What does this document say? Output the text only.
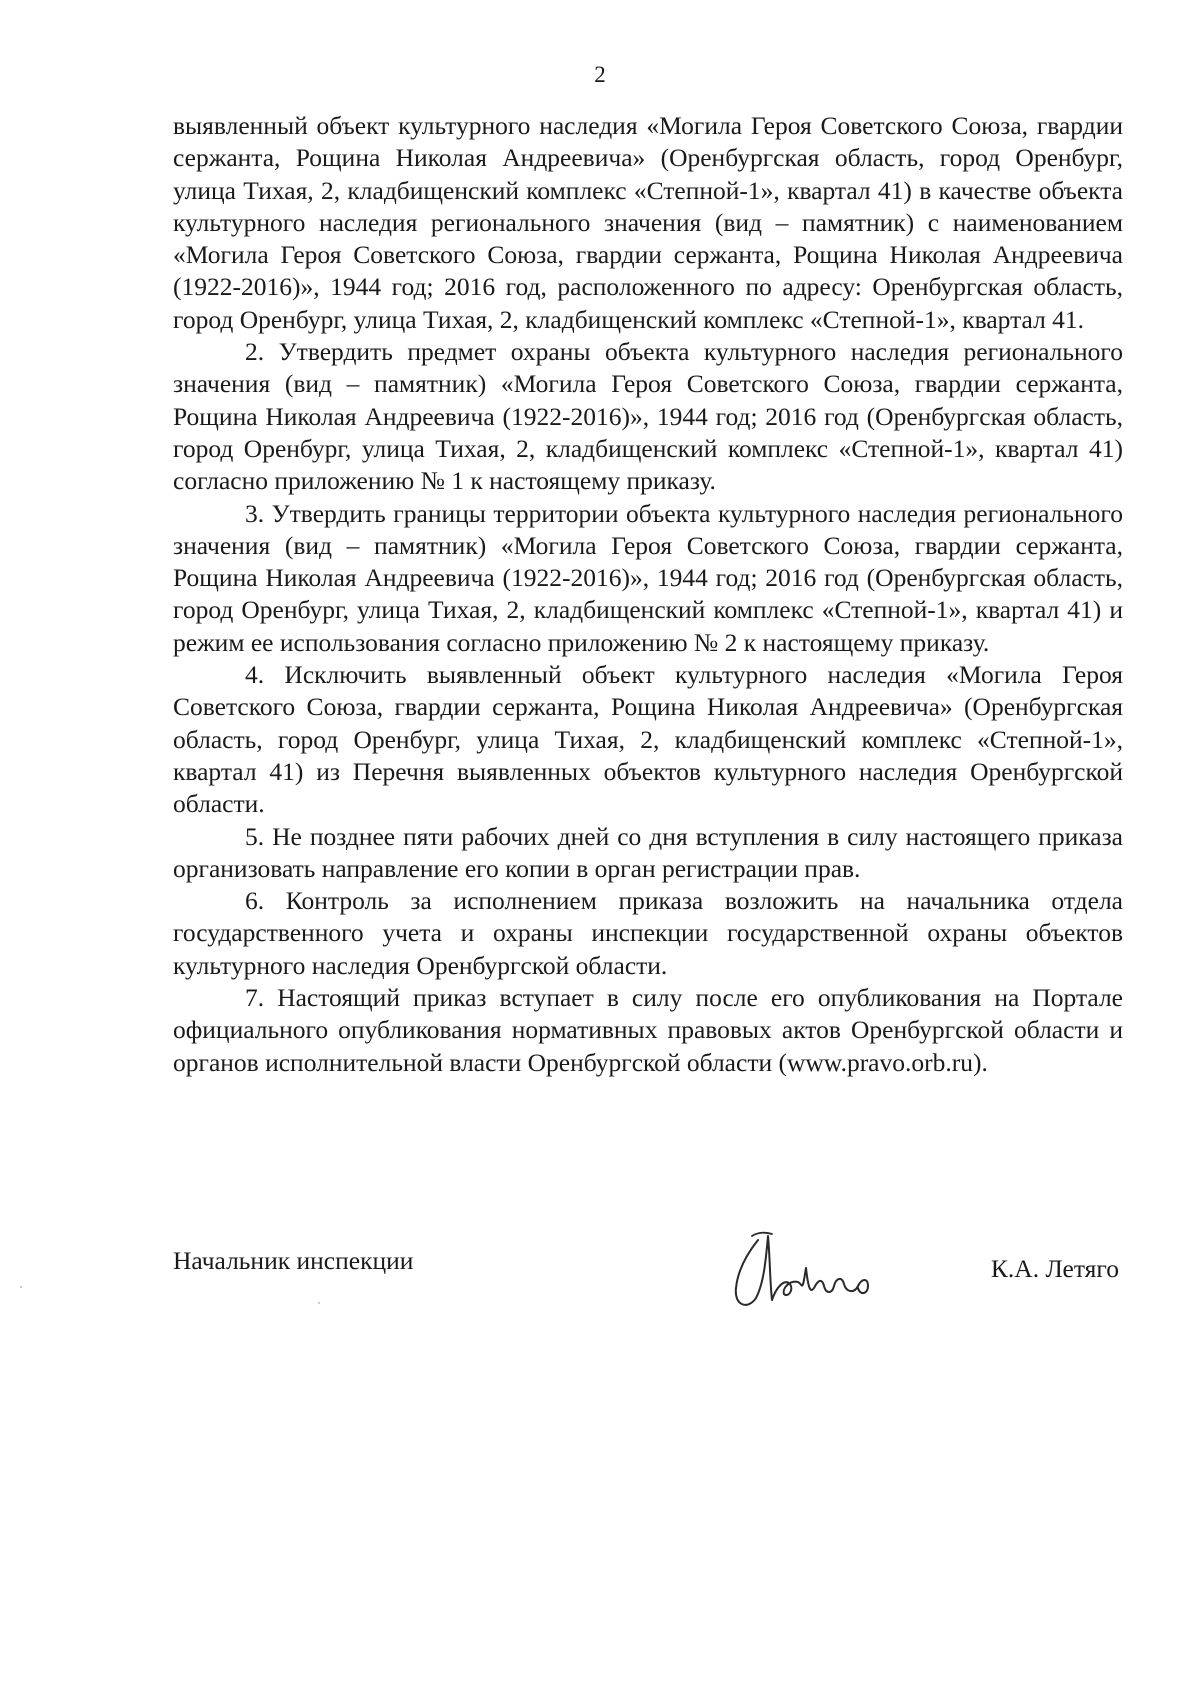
2

выявленный объект культурного наследия «Могила Героя Советского Союза, гвардии сержанта, Рощина Николая Андреевича» (Оренбургская область, город Оренбург, улица Тихая, 2, кладбищенский комплекс «Степной-1», квартал 41) в качестве объекта культурного наследия регионального значения (вид – памятник) с наименованием «Могила Героя Советского Союза, гвардии сержанта, Рощина Николая Андреевича (1922-2016)», 1944 год; 2016 год, расположенного по адресу: Оренбургская область, город Оренбург, улица Тихая, 2, кладбищенский комплекс «Степной-1», квартал 41.

2. Утвердить предмет охраны объекта культурного наследия регионального значения (вид – памятник) «Могила Героя Советского Союза, гвардии сержанта, Рощина Николая Андреевича (1922-2016)», 1944 год; 2016 год (Оренбургская область, город Оренбург, улица Тихая, 2, кладбищенский комплекс «Степной-1», квартал 41) согласно приложению № 1 к настоящему приказу.

3. Утвердить границы территории объекта культурного наследия регионального значения (вид – памятник) «Могила Героя Советского Союза, гвардии сержанта, Рощина Николая Андреевича (1922-2016)», 1944 год; 2016 год (Оренбургская область, город Оренбург, улица Тихая, 2, кладбищенский комплекс «Степной-1», квартал 41) и режим ее использования согласно приложению № 2 к настоящему приказу.

4. Исключить выявленный объект культурного наследия «Могила Героя Советского Союза, гвардии сержанта, Рощина Николая Андреевича» (Оренбургская область, город Оренбург, улица Тихая, 2, кладбищенский комплекс «Степной-1», квартал 41) из Перечня выявленных объектов культурного наследия Оренбургской области.

5. Не позднее пяти рабочих дней со дня вступления в силу настоящего приказа организовать направление его копии в орган регистрации прав.

6. Контроль за исполнением приказа возложить на начальника отдела государственного учета и охраны инспекции государственной охраны объектов культурного наследия Оренбургской области.

7. Настоящий приказ вступает в силу после его опубликования на Портале официального опубликования нормативных правовых актов Оренбургской области и органов исполнительной власти Оренбургской области (www.pravo.orb.ru).

Начальник инспекции	К.А. Летяго
